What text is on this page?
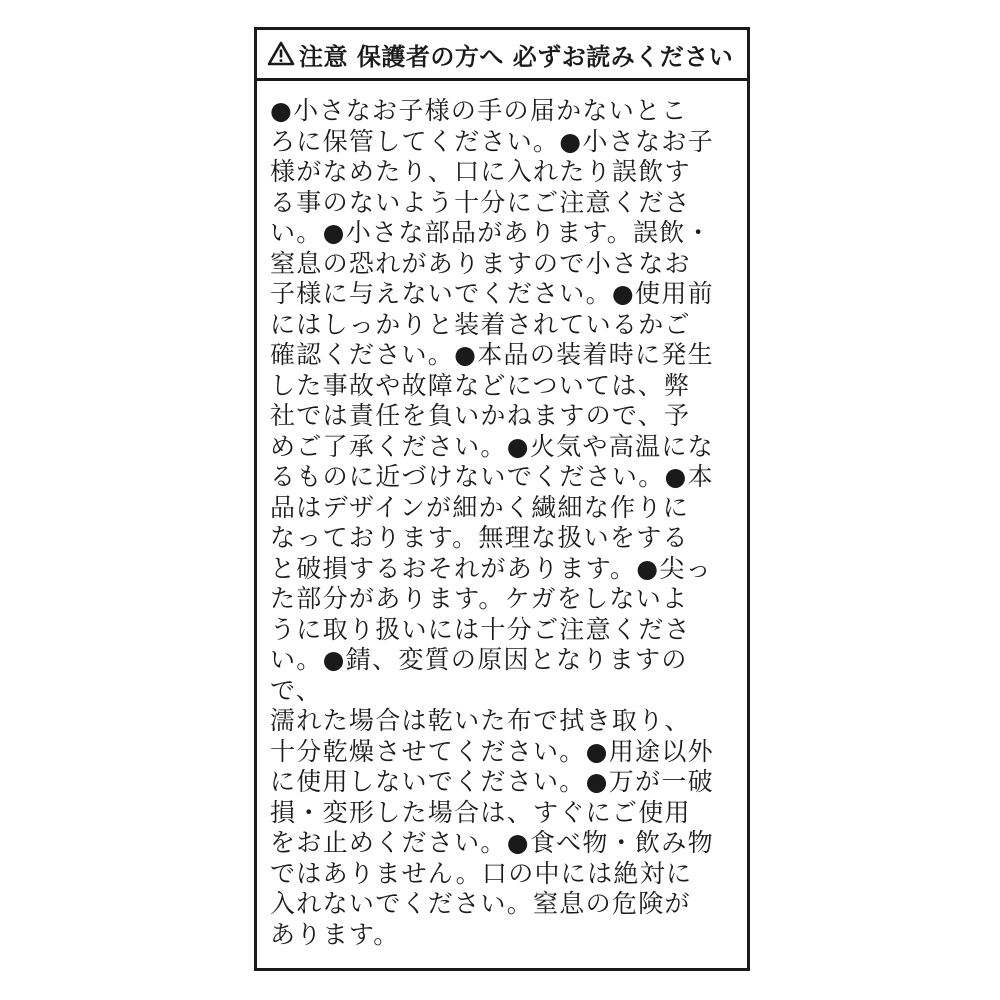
注意 保護者の方へ 必ずお読みください
●小さなお子様の手の届かないとこ
ろに保管してください。●小さなお子
様がなめたり、口に入れたり誤飲す
る事のないよう十分にご注意くださ
い。●小さな部品があります。誤飲・
窒息の恐れがありますので小さなお
子様に与えないでください。●使用前
にはしっかりと装着されているかご
確認ください。●本品の装着時に発生
した事故や故障などについては、弊
社では責任を負いかねますので、予
めご了承ください。●火気や高温にな
るものに近づけないでください。●本
品はデザインが細かく繊細な作りに
なっております。無理な扱いをする
と破損するおそれがあります。●尖っ
た部分があります。ケガをしないよ
うに取り扱いには十分ご注意くださ
い。●錆、変質の原因となりますので、
濡れた場合は乾いた布で拭き取り、
十分乾燥させてください。●用途以外
に使用しないでください。●万が一破
損・変形した場合は、すぐにご使用
をお止めください。●食べ物・飲み物
ではありません。口の中には絶対に
入れないでください。窒息の危険が
あります。
